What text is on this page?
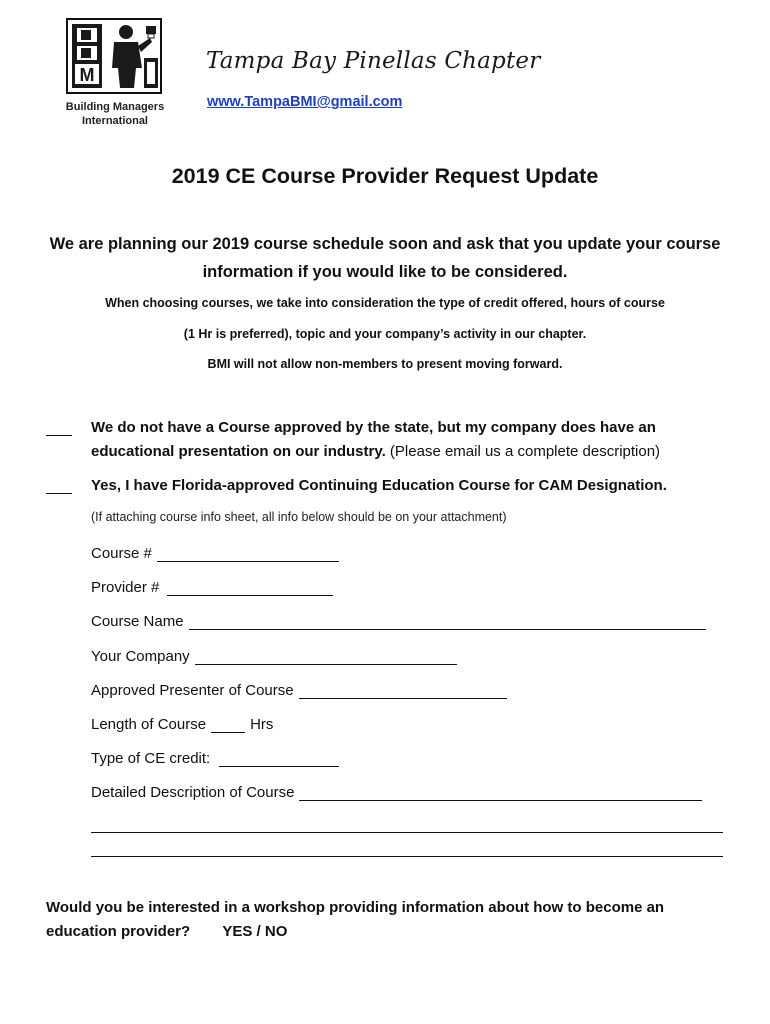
M
Building Managers
International
Tampa Bay Pinellas Chapter
www.TampaBMI@gmail.com
2019 CE Course Provider Request Update
We are planning our 2019 course schedule soon and ask that you update your course information if you would like to be considered.
When choosing courses, we take into consideration the type of credit offered, hours of course
(1 Hr is preferred), topic and your company’s activity in our chapter.
BMI will not allow non-members to present moving forward.
We do not have a Course approved by the state, but my company does have an educational presentation on our industry. (Please email us a complete description)
Yes, I have Florida-approved Continuing Education Course for CAM Designation.
(If attaching course info sheet, all info below should be on your attachment)
Course #
Provider #
Course Name
Your Company
Approved Presenter of Course
Length of Course	Hrs
Type of CE credit:
Detailed Description of Course
Would you be interested in a workshop providing information about how to become an education provider? YES / NO
